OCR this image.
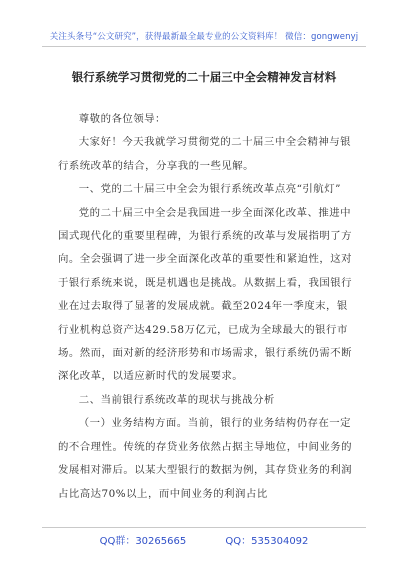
关注头条号“公文研究”，获得最新最全最专业的公文资料库！ 微信：gongwenyj
银行系统学习贯彻党的二十届三中全会精神发言材料

尊敬的各位领导：

大家好！今天我就学习贯彻党的二十届三中全会精神与银行系统改革的结合，分享我的一些见解。

一、党的二十届三中全会为银行系统改革点亮“引航灯”

党的二十届三中全会是我国进一步全面深化改革、推进中国式现代化的重要里程碑，为银行系统的改革与发展指明了方向。全会强调了进一步全面深化改革的重要性和紧迫性，这对于银行系统来说，既是机遇也是挑战。从数据上看，我国银行业在过去取得了显著的发展成就。截至2024年一季度末，银行业机构总资产达429.58万亿元，已成为全球最大的银行市场。然而，面对新的经济形势和市场需求，银行系统仍需不断深化改革，以适应新时代的发展要求。

二、当前银行系统改革的现状与挑战分析

（一）业务结构方面。当前，银行的业务结构仍存在一定的不合理性。传统的存贷业务依然占据主导地位，中间业务的发展相对滞后。以某大型银行的数据为例，其存贷业务的利润占比高达70%以上，而中间业务的利润占比

QQ群：30265665	QQ：535304092
